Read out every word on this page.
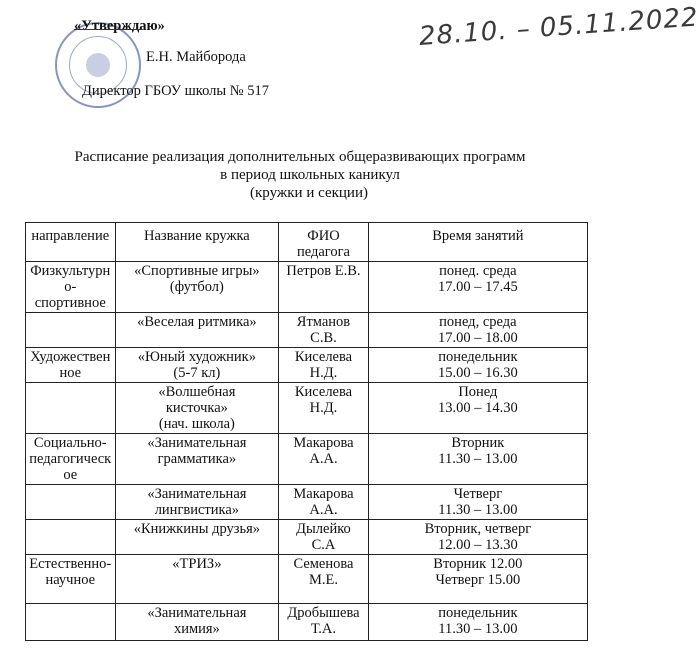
«Утверждаю»
Е.Н. Майборода
Директор ГБОУ школы № 517
28.10. – 05.11.2022
Расписание реализация дополнительных общеразвивающих программ
в период школьных каникул
(кружки и секции)
направление	Название кружка	ФИО
педагога	Время занятий

Физкультурн
о-
спортивное	«Спортивные игры»
(футбол)	Петров Е.В.	понед. среда
17.00 – 17.45

	«Веселая ритмика»	Ятманов
С.В.	понед, среда
17.00 – 18.00

Художествен
ное	«Юный художник»
(5-7 кл)	Киселева
Н.Д.	понедельник
15.00 – 16.30

	«Волшебная
кисточка»
(нач. школа)	Киселева
Н.Д.	Понед
13.00 – 14.30

Социально-
педагогическ
ое	«Занимательная
грамматика»	Макарова
А.А.	Вторник
11.30 – 13.00

	«Занимательная
лингвистика»	Макарова
А.А.	Четверг
11.30 – 13.00

	«Книжкины друзья»	Дылейко
С.А	Вторник, четверг
12.00 – 13.30

Естественно-
научное	«ТРИЗ»	Семенова
М.Е.	Вторник 12.00
Четверг 15.00

	«Занимательная
химия»	Дробышева
Т.А.	понедельник
11.30 – 13.00
